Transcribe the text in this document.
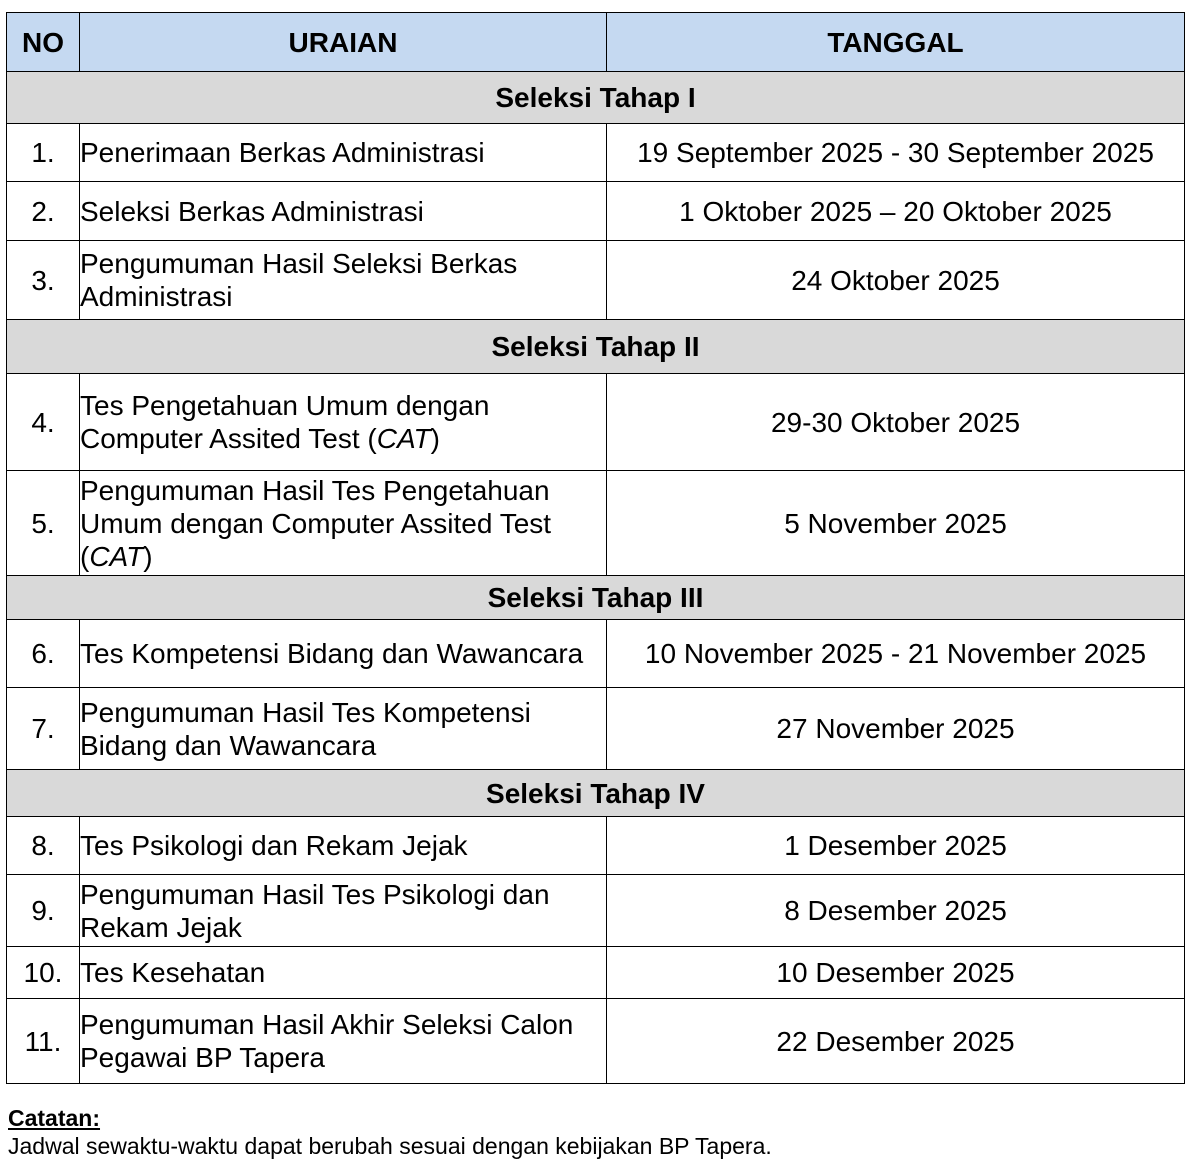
NO	URAIAN	TANGGAL
Seleksi Tahap I		
1.	Penerimaan Berkas Administrasi	19 September 2025 - 30 September 2025
2.	Seleksi Berkas Administrasi	1 Oktober 2025 – 20 Oktober 2025
3.	Pengumuman Hasil Seleksi Berkas Administrasi	24 Oktober 2025
Seleksi Tahap II		
4.	Tes Pengetahuan Umum dengan Computer Assited Test (CAT)	29-30 Oktober 2025
5.	Pengumuman Hasil Tes Pengetahuan Umum dengan Computer Assited Test (CAT)	5 November 2025
Seleksi Tahap III		
6.	Tes Kompetensi Bidang dan Wawancara	10 November 2025 - 21 November 2025
7.	Pengumuman Hasil Tes Kompetensi Bidang dan Wawancara	27 November 2025
Seleksi Tahap IV		
8.	Tes Psikologi dan Rekam Jejak	1 Desember 2025
9.	Pengumuman Hasil Tes Psikologi dan Rekam Jejak	8 Desember 2025
10.	Tes Kesehatan	10 Desember 2025
11.	Pengumuman Hasil Akhir Seleksi Calon Pegawai BP Tapera	22 Desember 2025
Catatan:
Jadwal sewaktu-waktu dapat berubah sesuai dengan kebijakan BP Tapera.
